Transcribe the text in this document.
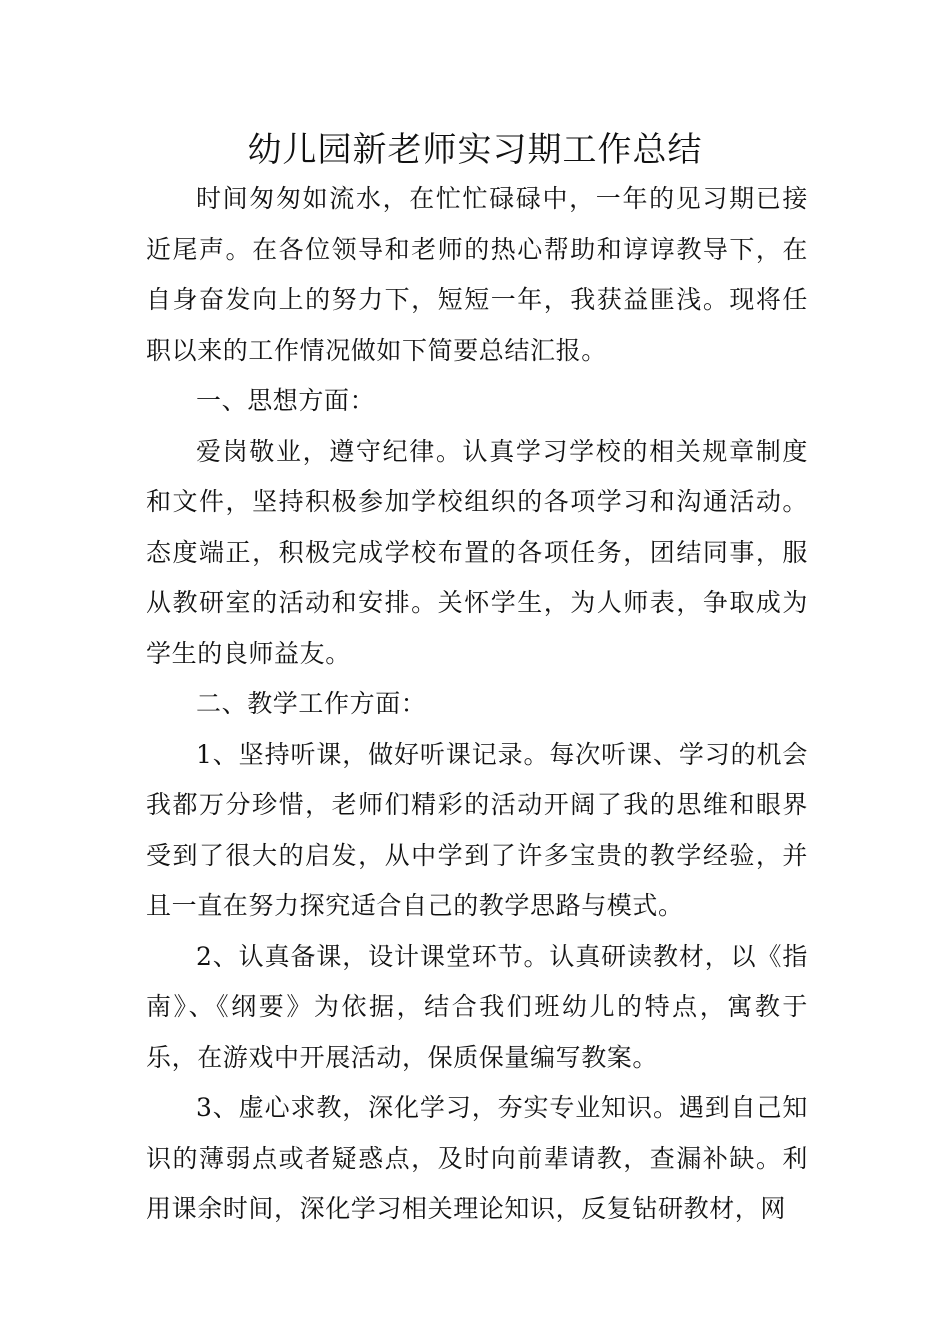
幼儿园新老师实习期工作总结

时间匆匆如流水，在忙忙碌碌中，一年的见习期已接近尾声。在各位领导和老师的热心帮助和谆谆教导下，在自身奋发向上的努力下，短短一年，我获益匪浅。现将任职以来的工作情况做如下简要总结汇报。

一、思想方面：

爱岗敬业，遵守纪律。认真学习学校的相关规章制度和文件，坚持积极参加学校组织的各项学习和沟通活动。态度端正，积极完成学校布置的各项任务，团结同事，服从教研室的活动和安排。关怀学生，为人师表，争取成为学生的良师益友。

二、教学工作方面：

1、坚持听课，做好听课记录。每次听课、学习的机会我都万分珍惜，老师们精彩的活动开阔了我的思维和眼界受到了很大的启发，从中学到了许多宝贵的教学经验，并且一直在努力探究适合自己的教学思路与模式。

2、认真备课，设计课堂环节。认真研读教材，以《指南》、《纲要》为依据，结合我们班幼儿的特点，寓教于乐，在游戏中开展活动，保质保量编写教案。

3、虚心求教，深化学习，夯实专业知识。遇到自己知识的薄弱点或者疑惑点，及时向前辈请教，查漏补缺。利用课余时间，深化学习相关理论知识，反复钻研教材，网
